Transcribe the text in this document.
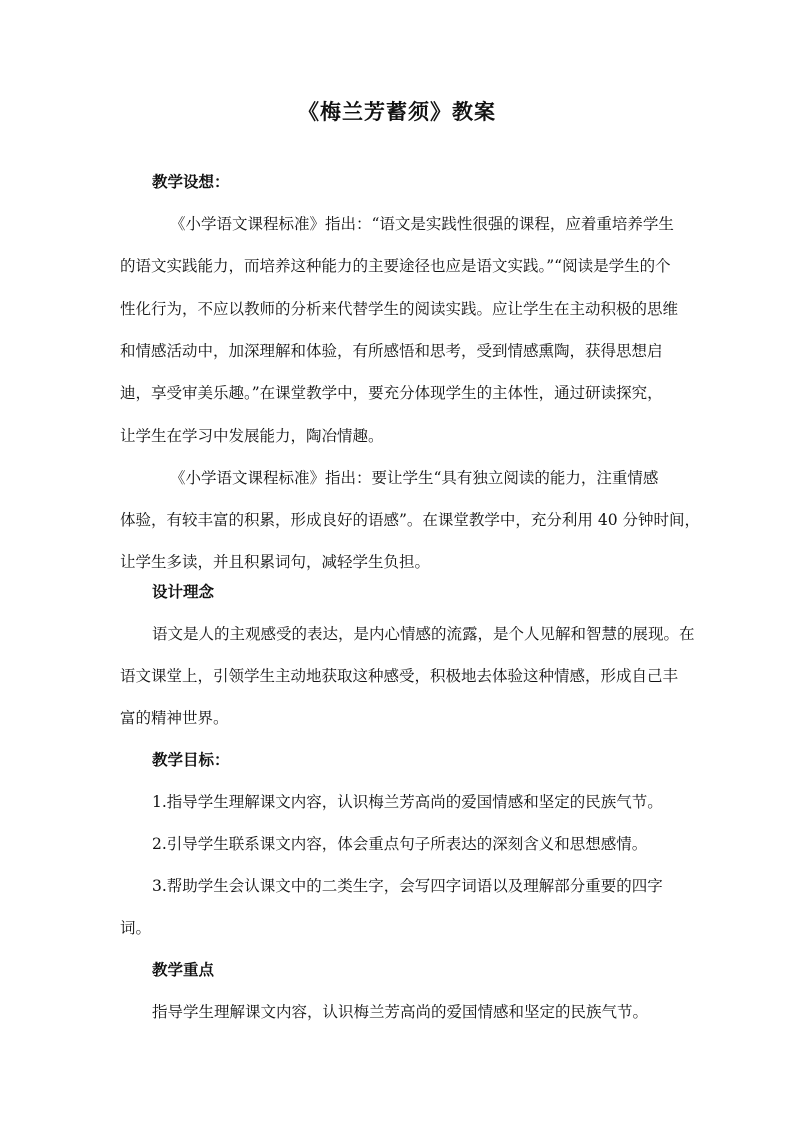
《梅兰芳蓄须》教案
教学设想：
《小学语文课程标准》指出：“语文是实践性很强的课程，应着重培养学生
的语文实践能力，而培养这种能力的主要途径也应是语文实践。”“阅读是学生的个
性化行为，不应以教师的分析来代替学生的阅读实践。应让学生在主动积极的思维
和情感活动中，加深理解和体验，有所感悟和思考，受到情感熏陶，获得思想启
迪，享受审美乐趣。”在课堂教学中，要充分体现学生的主体性，通过研读探究，
让学生在学习中发展能力，陶冶情趣。
《小学语文课程标准》指出：要让学生“具有独立阅读的能力，注重情感
体验，有较丰富的积累，形成良好的语感”。在课堂教学中，充分利用 40 分钟时间，
让学生多读，并且积累词句，减轻学生负担。
设计理念
语文是人的主观感受的表达，是内心情感的流露，是个人见解和智慧的展现。在
语文课堂上，引领学生主动地获取这种感受，积极地去体验这种情感，形成自己丰
富的精神世界。
教学目标：
1.指导学生理解课文内容，认识梅兰芳高尚的爱国情感和坚定的民族气节。
2.引导学生联系课文内容，体会重点句子所表达的深刻含义和思想感情。
3.帮助学生会认课文中的二类生字，会写四字词语以及理解部分重要的四字
词。
教学重点
指导学生理解课文内容，认识梅兰芳高尚的爱国情感和坚定的民族气节。
